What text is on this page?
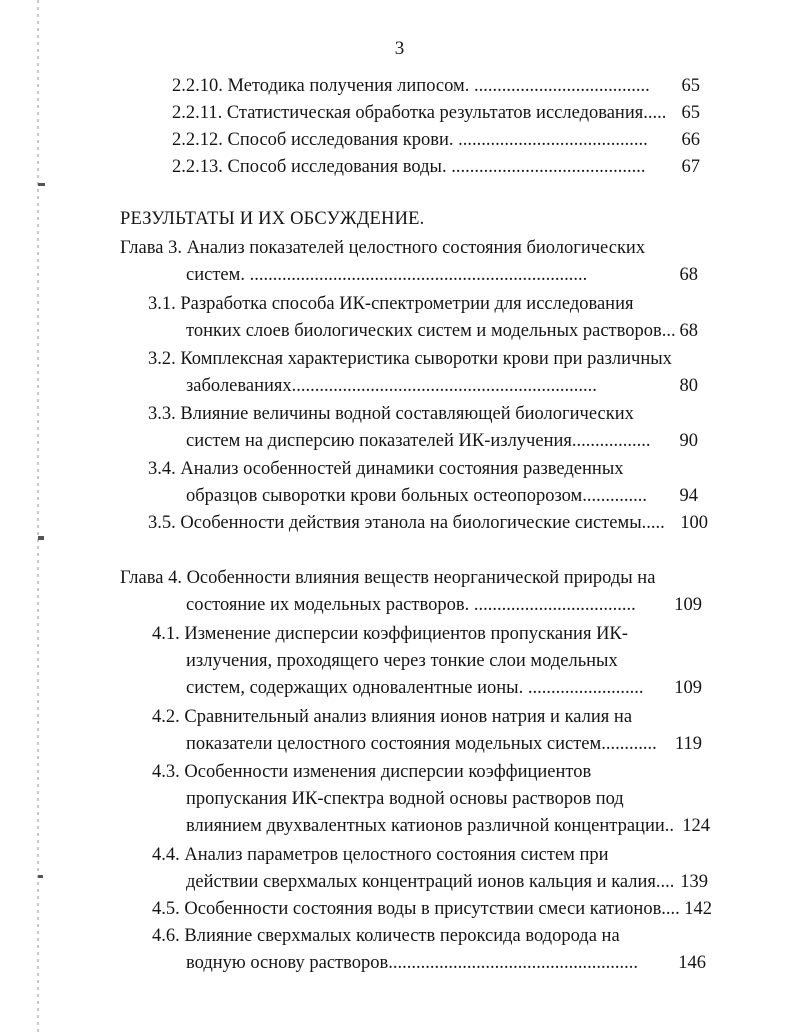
3
2.2.10. Методика получения липосом. ......................................	65
2.2.11. Статистическая обработка результатов исследования..... 65
2.2.12. Способ исследования крови. .........................................	66
2.2.13. Способ исследования воды. ..........................................	67
РЕЗУЛЬТАТЫ И ИХ ОБСУЖДЕНИЕ.
Глава 3. Анализ показателей целостного состояния биологических
систем. .........................................................................	68
3.1. Разработка способа ИК-спектрометрии для исследования
тонких слоев биологических систем и модельных растворов... 68
3.2. Комплексная характеристика сыворотки крови при различных
заболеваниях..................................................................	80
3.3. Влияние величины водной составляющей биологических
систем на дисперсию показателей ИК-излучения.................	90
3.4. Анализ особенностей динамики состояния разведенных
образцов сыворотки крови больных остеопорозом..............	94
3.5. Особенности действия этанола на биологические системы..... 100
Глава 4. Особенности влияния веществ неорганической природы на
состояние их модельных растворов. ...................................	109
4.1. Изменение дисперсии коэффициентов пропускания ИК-
излучения, проходящего через тонкие слои модельных
систем, содержащих одновалентные ионы. .........................	109
4.2. Сравнительный анализ влияния ионов натрия и калия на
показатели целостного состояния модельных систем............ 119
4.3. Особенности изменения дисперсии коэффициентов
пропускания ИК-спектра водной основы растворов под
влиянием двухвалентных катионов различной концентрации.. 124
4.4. Анализ параметров целостного состояния систем при
действии сверхмалых концентраций ионов кальция и калия.... 139
4.5. Особенности состояния воды в присутствии смеси катионов.... 142
4.6. Влияние сверхмалых количеств пероксида водорода на
водную основу растворов......................................................	146
